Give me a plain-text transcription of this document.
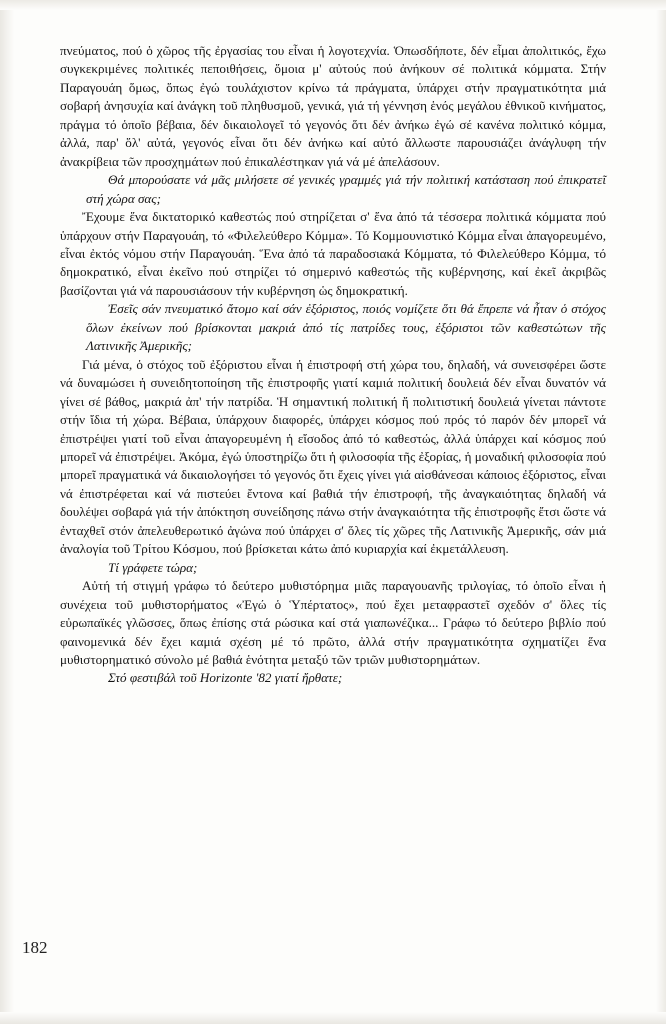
182

πνεύματος, πού ὁ χῶρος τῆς ἐργασίας του εἶναι ἡ λογοτεχνία. Ὁπωσδήποτε, δέν εἶμαι ἀπολιτικός, ἔχω συγκεκριμένες πολιτικές πεποιθήσεις, ὅμοια μ' αὐτούς πού ἀνήκουν σέ πολιτικά κόμματα. Στήν Παραγουάη ὅμως, ὅπως ἐγώ τουλάχιστον κρίνω τά πράγματα, ὑπάρχει στήν πραγματικότητα μιά σοβαρή ἀνησυχία καί ἀνάγκη τοῦ πληθυσμοῦ, γενικά, γιά τή γέννηση ἑνός μεγάλου ἐθνικοῦ κινήματος, πράγμα τό ὁποῖο βέβαια, δέν δικαιολογεῖ τό γεγονός ὅτι δέν ἀνήκω ἐγώ σέ κανένα πολιτικό κόμμα, ἀλλά, παρ' ὅλ' αὐτά, γεγονός εἶναι ὅτι δέν ἀνήκω καί αὐτό ἄλλωστε παρουσιάζει ἀνάγλυφη τήν ἀνακρίβεια τῶν προσχημάτων πού ἐπικαλέστηκαν γιά νά μέ ἀπελάσουν.

Θά μπορούσατε νά μᾶς μιλήσετε σέ γενικές γραμμές γιά τήν πολιτική κατάσταση πού ἐπικρατεῖ στή χώρα σας;

Ἔχουμε ἕνα δικτατορικό καθεστώς πού στηρίζεται σ' ἕνα ἀπό τά τέσσερα πολιτικά κόμματα πού ὑπάρχουν στήν Παραγουάη, τό «Φιλελεύθερο Κόμμα». Τό Κομμουνιστικό Κόμμα εἶναι ἀπαγορευμένο, εἶναι ἐκτός νόμου στήν Παραγουάη. Ἕνα ἀπό τά παραδοσιακά Κόμματα, τό Φιλελεύθερο Κόμμα, τό δημοκρατικό, εἶναι ἐκεῖνο πού στηρίζει τό σημερινό καθεστώς τῆς κυβέρνησης, καί ἐκεῖ ἀκριβῶς βασίζονται γιά νά παρουσιάσουν τήν κυβέρνηση ὡς δημοκρατική.

Ἐσεῖς σάν πνευματικό ἄτομο καί σάν ἐξόριστος, ποιός νομίζετε ὅτι θά ἔπρεπε νά ἦταν ὁ στόχος ὅλων ἐκείνων πού βρίσκονται μακριά ἀπό τίς πατρίδες τους, ἐξόριστοι τῶν καθεστώτων τῆς Λατινικῆς Ἀμερικῆς;

Γιά μένα, ὁ στόχος τοῦ ἐξόριστου εἶναι ἡ ἐπιστροφή στή χώρα του, δηλαδή, νά συνεισφέρει ὥστε νά δυναμώσει ἡ συνειδητοποίηση τῆς ἐπιστροφῆς γιατί καμιά πολιτική δουλειά δέν εἶναι δυνατόν νά γίνει σέ βάθος, μακριά ἀπ' τήν πατρίδα. Ἡ σημαντική πολιτική ἤ πολιτιστική δουλειά γίνεται πάντοτε στήν ἴδια τή χώρα. Βέβαια, ὑπάρχουν διαφορές, ὑπάρχει κόσμος πού πρός τό παρόν δέν μπορεῖ νά ἐπιστρέψει γιατί τοῦ εἶναι ἀπαγορευμένη ἡ εἴσοδος ἀπό τό καθεστώς, ἀλλά ὑπάρχει καί κόσμος πού μπορεῖ νά ἐπιστρέψει. Ἀκόμα, ἐγώ ὑποστηρίζω ὅτι ἡ φιλοσοφία τῆς ἐξορίας, ἡ μοναδική φιλοσοφία πού μπορεῖ πραγματικά νά δικαιολογήσει τό γεγονός ὅτι ἔχεις γίνει γιά αἰσθάνεσαι κάποιος ἐξόριστος, εἶναι νά ἐπιστρέφεται καί νά πιστεύει ἔντονα καί βαθιά τήν ἐπιστροφή, τῆς ἀναγκαιότητας δηλαδή νά δουλέψει σοβαρά γιά τήν ἀπόκτηση συνείδησης πάνω στήν ἀναγκαιότητα τῆς ἐπιστροφῆς ἔτσι ὥστε νά ἐνταχθεῖ στόν ἀπελευθερωτικό ἀγώνα πού ὑπάρχει σ' ὅλες τίς χῶρες τῆς Λατινικῆς Ἀμερικῆς, σάν μιά ἀναλογία τοῦ Τρίτου Κόσμου, πού βρίσκεται κάτω ἀπό κυριαρχία καί ἐκμετάλλευση.

Τί γράφετε τώρα;

Αὐτή τή στιγμή γράφω τό δεύτερο μυθιστόρημα μιᾶς παραγουανῆς τριλογίας, τό ὁποῖο εἶναι ἡ συνέχεια τοῦ μυθιστορήματος «Ἐγώ ὁ Ὑπέρτατος», πού ἔχει μεταφραστεῖ σχεδόν σ' ὅλες τίς εὐρωπαϊκές γλῶσσες, ὅπως ἐπίσης στά ρώσικα καί στά γιαπωνέζικα... Γράφω τό δεύτερο βιβλίο πού φαινομενικά δέν ἔχει καμιά σχέση μέ τό πρῶτο, ἀλλά στήν πραγματικότητα σχηματίζει ἕνα μυθιστορηματικό σύνολο μέ βαθιά ἑνότητα μεταξύ τῶν τριῶν μυθιστορημάτων.

Στό φεστιβάλ τοῦ Horizonte '82 γιατί ἤρθατε;
